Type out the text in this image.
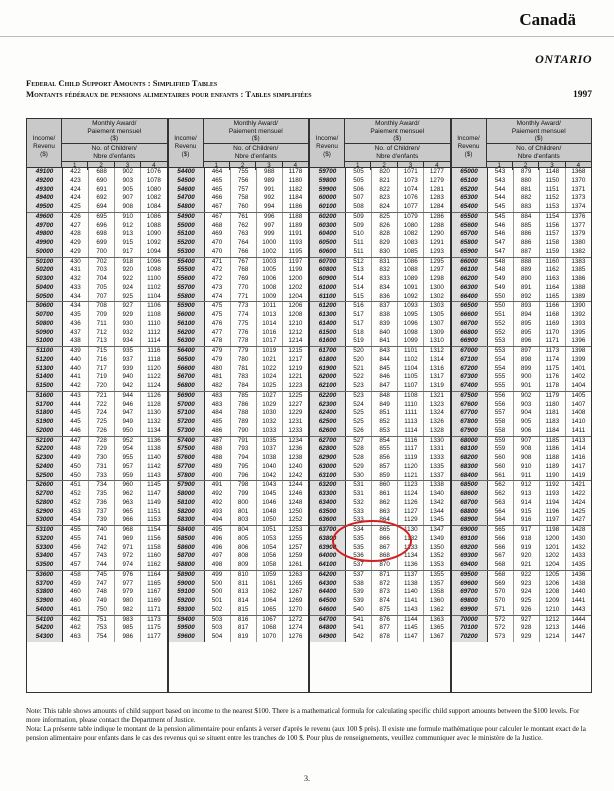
Canadä
ONTARIO
Federal Child Support Amounts : Simplified Tables
Montants fédéraux de pensions alimentaires pour enfants : Tables simplifiées	1997
Income/
Revenu
($)
Monthly Award/
Paiement mensuel
($)
No. of Children/
Nbre d'enfants
1	2	3	4
49100	422	688	902	1076
49200	423	690	903	1078
49300	424	691	905	1080
49400	424	692	907	1082
49500	425	694	908	1084
49600	426	695	910	1086
49700	427	696	912	1088
49800	428	698	913	1090
49900	429	699	915	1092
50000	429	700	917	1094
50100	430	702	918	1096
50200	431	703	920	1098
50300	432	704	922	1100
50400	433	705	924	1102
50500	434	707	925	1104
50600	434	708	927	1106
50700	435	709	929	1108
50800	436	711	930	1110
50900	437	712	932	1112
51000	438	713	934	1114
51100	439	715	935	1116
51200	440	716	937	1118
51300	440	717	939	1120
51400	441	719	940	1122
51500	442	720	942	1124
51600	443	721	944	1126
51700	444	722	946	1128
51800	445	724	947	1130
51900	445	725	949	1132
52000	446	726	950	1134
52100	447	728	952	1136
52200	448	729	954	1138
52300	449	730	955	1140
52400	450	731	957	1142
52500	450	733	959	1143
52600	451	734	960	1145
52700	452	735	962	1147
52800	452	736	963	1149
52900	453	737	965	1151
53000	454	739	966	1153
53100	455	740	968	1154
53200	455	741	969	1156
53300	456	742	971	1158
53400	457	743	972	1160
53500	457	744	974	1162
53600	458	745	976	1164
53700	459	747	977	1165
53800	460	748	979	1167
53900	460	749	980	1169
54000	461	750	982	1171
54100	462	751	983	1173
54200	462	753	985	1175
54300	463	754	986	1177
Income/
Revenu
($)
Monthly Award/
Paiement mensuel
($)
No. of Children/
Nbre d'enfants
1	2	3	4
54400	464	755	988	1178
54500	465	756	989	1180
54600	465	757	991	1182
54700	466	758	992	1184
54800	467	760	994	1186
54900	467	761	996	1188
55000	468	762	997	1189
55100	469	763	999	1191
55200	470	764	1000	1193
55300	470	766	1002	1195
55400	471	767	1003	1197
55500	472	768	1005	1199
55600	472	769	1006	1200
55700	473	770	1008	1202
55800	474	771	1009	1204
55900	475	773	1011	1206
56000	475	774	1013	1208
56100	476	775	1014	1210
56200	477	776	1016	1212
56300	478	778	1017	1214
56400	479	779	1019	1215
56500	479	780	1021	1217
56600	480	781	1022	1219
56700	481	783	1024	1221
56800	482	784	1025	1223
56900	483	785	1027	1225
57000	483	786	1029	1227
57100	484	788	1030	1229
57200	485	789	1032	1231
57300	486	790	1033	1233
57400	487	791	1035	1234
57500	488	793	1037	1236
57600	488	794	1038	1238
57700	489	795	1040	1240
57800	490	796	1042	1242
57900	491	798	1043	1244
58000	492	799	1045	1246
58100	492	800	1046	1248
58200	493	801	1048	1250
58300	494	803	1050	1252
58400	495	804	1051	1253
58500	496	805	1053	1255
58600	496	806	1054	1257
58700	497	808	1056	1259
58800	498	809	1058	1261
58900	499	810	1059	1263
59000	500	811	1061	1265
59100	500	813	1062	1267
59200	501	814	1064	1269
59300	502	815	1065	1270
59400	503	816	1067	1272
59500	503	817	1068	1274
59600	504	819	1070	1276
Income/
Revenu
($)
Monthly Award/
Paiement mensuel
($)
No. of Children/
Nbre d'enfants
1	2	3	4
59700	505	820	1071	1277
59800	505	821	1073	1279
59900	506	822	1074	1281
60000	507	823	1076	1283
60100	508	824	1077	1284
60200	509	825	1079	1286
60300	509	826	1080	1288
60400	510	828	1082	1290
60500	511	829	1083	1291
60600	511	830	1085	1293
60700	512	831	1086	1295
60800	513	832	1088	1297
60900	514	833	1089	1298
61000	514	834	1091	1300
61100	515	836	1092	1302
61200	516	837	1093	1303
61300	517	838	1095	1305
61400	517	839	1096	1307
61500	518	840	1098	1309
61600	519	841	1099	1310
61700	520	843	1101	1312
61800	520	844	1102	1314
61900	521	845	1104	1316
62000	522	846	1105	1317
62100	523	847	1107	1319
62200	523	848	1108	1321
62300	524	849	1110	1323
62400	525	851	1111	1324
62500	525	852	1113	1326
62600	526	853	1114	1328
62700	527	854	1116	1330
62800	528	855	1117	1331
62900	528	856	1119	1333
63000	529	857	1120	1335
63100	530	859	1121	1337
63200	531	860	1123	1338
63300	531	861	1124	1340
63400	532	862	1126	1342
63500	533	863	1127	1344
63600	533	864	1129	1345
63700	534	865	1130	1347
63800	535	866	1132	1349
63900	535	867	1133	1350
64000	536	868	1134	1352
64100	537	870	1136	1353
64200	537	871	1137	1355
64300	538	872	1138	1357
64400	539	873	1140	1358
64500	539	874	1141	1360
64600	540	875	1143	1362
64700	541	876	1144	1363
64800	541	877	1145	1365
64900	542	878	1147	1367
Income/
Revenu
($)
Monthly Award/
Paiement mensuel
($)
No. of Children/
Nbre d'enfants
1	2	3	4
65000	543	879	1148	1368
65100	543	880	1150	1370
65200	544	881	1151	1371
65300	544	882	1152	1373
65400	545	883	1153	1374
65500	545	884	1154	1376
65600	546	885	1156	1377
65700	546	886	1157	1379
65800	547	886	1158	1380
65900	547	887	1159	1382
66000	548	888	1160	1383
66100	548	889	1162	1385
66200	549	890	1163	1386
66300	549	891	1164	1388
66400	550	892	1165	1389
66500	550	893	1166	1390
66600	551	894	1168	1392
66700	552	895	1169	1393
66800	552	895	1170	1395
66900	553	896	1171	1396
67000	553	897	1173	1398
67100	554	898	1174	1399
67200	554	899	1175	1401
67300	555	900	1176	1402
67400	555	901	1178	1404
67500	556	902	1179	1405
67600	556	903	1180	1407
67700	557	904	1181	1408
67800	558	905	1183	1410
67900	558	906	1184	1411
68000	559	907	1185	1413
68100	559	908	1186	1414
68200	560	908	1188	1416
68300	560	910	1189	1417
68400	561	911	1190	1419
68500	562	912	1192	1421
68600	562	913	1193	1422
68700	563	914	1194	1424
68800	564	915	1196	1425
68900	564	916	1197	1427
69000	565	917	1198	1428
69100	566	918	1200	1430
69200	566	919	1201	1432
69300	567	920	1202	1433
69400	568	921	1204	1435
69500	568	922	1205	1436
69600	569	923	1206	1438
69700	570	924	1208	1440
69800	570	925	1209	1441
69900	571	926	1210	1443
70000	572	927	1212	1444
70100	572	928	1213	1446
70200	573	929	1214	1447

Note: This table shows amounts of child support based on income to the nearest $100. There is a mathematical formula for calculating specific child support amounts between the $100 levels. For more information, please contact the Department of Justice.

Nota: La présente table indique le montant de la pension alimentaire pour enfants à verser d'après le revenu (aux 100 $ près). Il existe une formule mathématique pour calculer le montant exact de la pension alimentaire pour enfants dans le cas des revenus qui se situent entre les tranches de 100 $. Pour plus de renseignements, veuillez communiquer avec le ministère de la Justice.

3.
